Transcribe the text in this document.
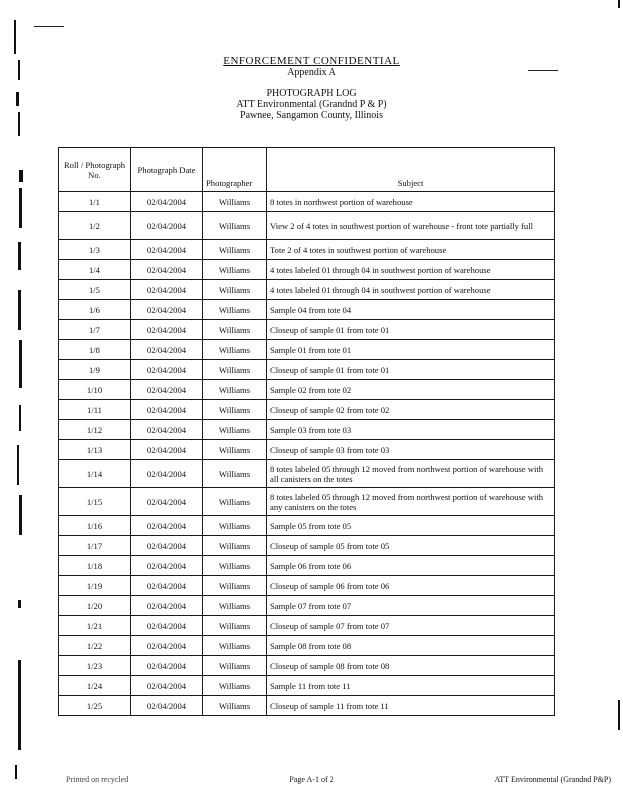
ENFORCEMENT CONFIDENTIAL
Appendix A
PHOTOGRAPH LOG
ATT Environmental (Grandnd P & P)
Pawnee, Sangamon County, Illinois
Roll / Photograph No.	Photograph Date	Photographer	Subject
1/1	02/04/2004	Williams	8 totes in northwest portion of warehouse
1/2	02/04/2004	Williams	View 2 of 4 totes in southwest portion of warehouse - front tote partially full
1/3	02/04/2004	Williams	Tote 2 of 4 totes in southwest portion of warehouse
1/4	02/04/2004	Williams	4 totes labeled 01 through 04 in southwest portion of warehouse
1/5	02/04/2004	Williams	4 totes labeled 01 through 04 in southwest portion of warehouse
1/6	02/04/2004	Williams	Sample 04 from tote 04
1/7	02/04/2004	Williams	Closeup of sample 01 from tote 01
1/8	02/04/2004	Williams	Sample 01 from tote 01
1/9	02/04/2004	Williams	Closeup of sample 01 from tote 01
1/10	02/04/2004	Williams	Sample 02 from tote 02
1/11	02/04/2004	Williams	Closeup of sample 02 from tote 02
1/12	02/04/2004	Williams	Sample 03 from tote 03
1/13	02/04/2004	Williams	Closeup of sample 03 from tote 03
1/14	02/04/2004	Williams	8 totes labeled 05 through 12 moved from northwest portion of warehouse with all canisters on the totes
1/15	02/04/2004	Williams	8 totes labeled 05 through 12 moved from northwest portion of warehouse with any canisters on the totes
1/16	02/04/2004	Williams	Sample 05 from tote 05
1/17	02/04/2004	Williams	Closeup of sample 05 from tote 05
1/18	02/04/2004	Williams	Sample 06 from tote 06
1/19	02/04/2004	Williams	Closeup of sample 06 from tote 06
1/20	02/04/2004	Williams	Sample 07 from tote 07
1/21	02/04/2004	Williams	Closeup of sample 07 from tote 07
1/22	02/04/2004	Williams	Sample 08 from tote 08
1/23	02/04/2004	Williams	Closeup of sample 08 from tote 08
1/24	02/04/2004	Williams	Sample 11 from tote 11
1/25	02/04/2004	Williams	Closeup of sample 11 from tote 11
Printed on recycled	Page A-1 of 2	ATT Environmental (Grandnd P&P)
